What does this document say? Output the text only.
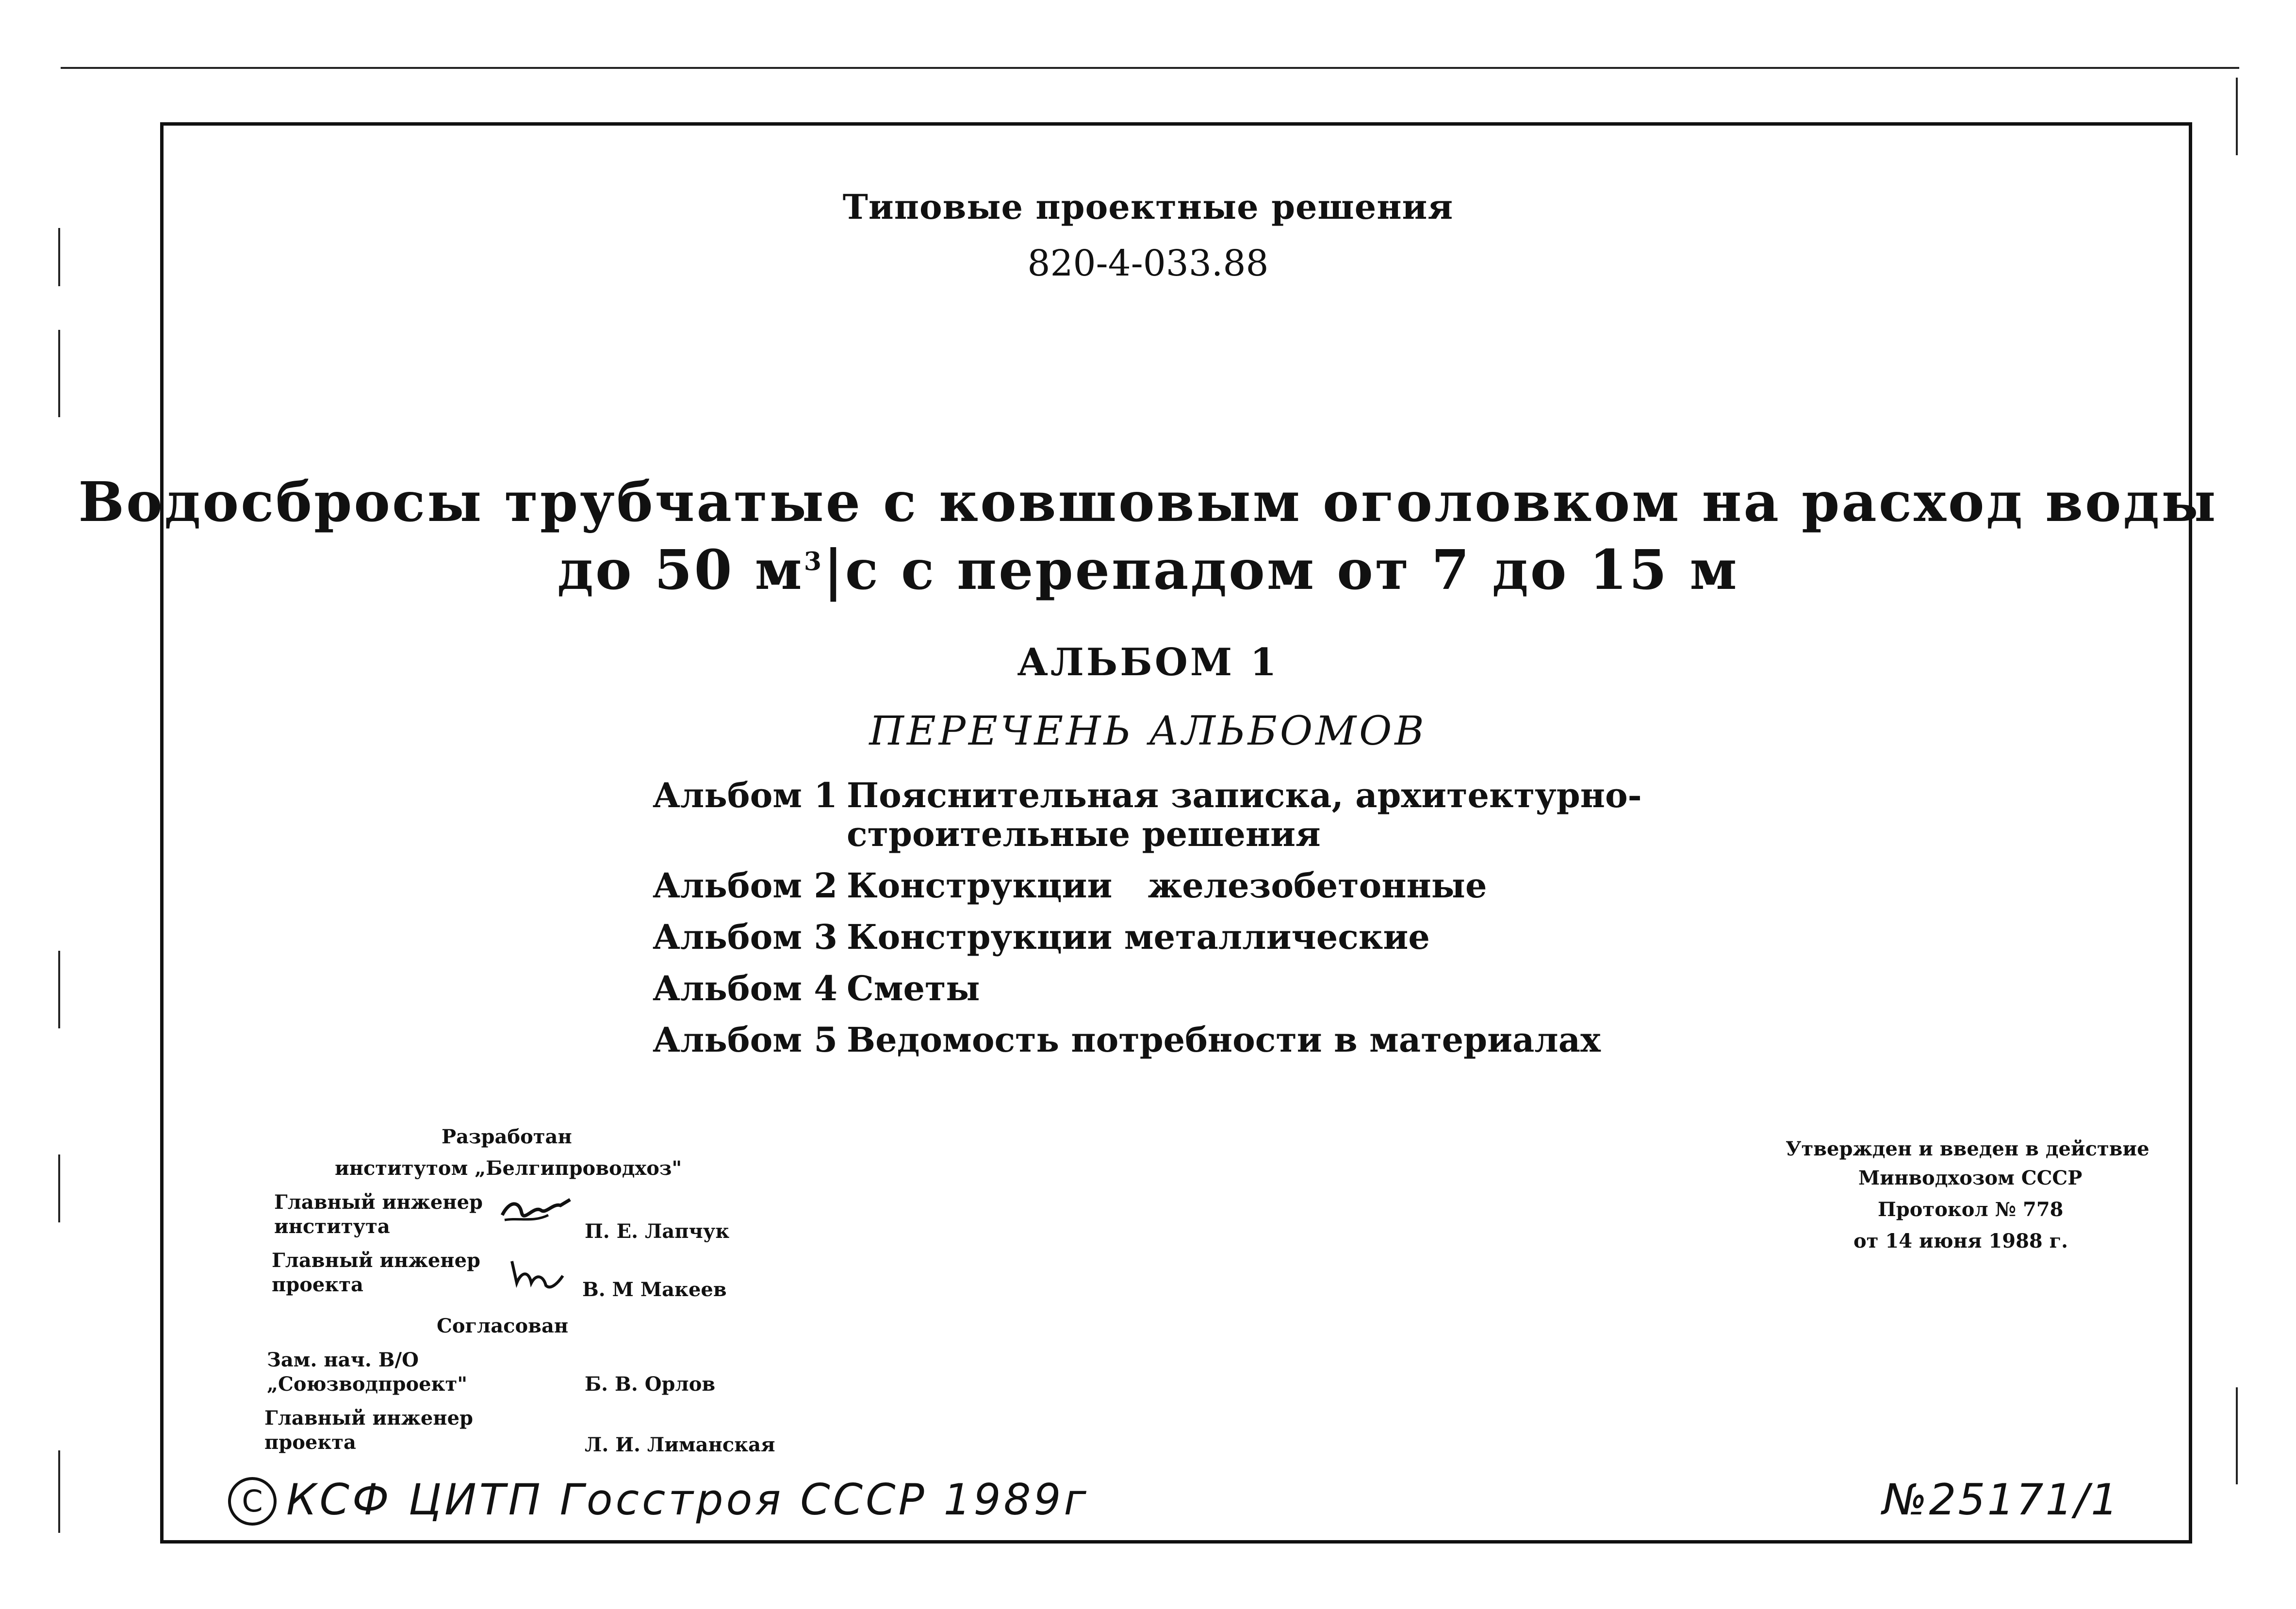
Типовые проектные решения
820-4-033.88
Водосбросы трубчатые с ковшовым оголовком на расход воды
до 50 $м^3|с$ с перепадом от 7 до 15 м
АЛЬБОМ 1
ПЕРЕЧЕНЬ АЛЬБОМОВ
Альбом 1 Пояснительная записка, архитектурно-строительные решения
Альбом 2 Конструкции   железобетонные
Альбом 3 Конструкции металлические
Альбом 4 Сметы
Альбом 5 Ведомость потребности в материалах
Разработан
институтом „Белгипроводхоз"
Главный инженер
института	П. Е. Лапчук
Главный инженер
проекта	В. М Макеев
Согласован
Зам. нач. В/О
„Союзводпроект"	Б. В. Орлов
Главный инженер
проекта	Л. И. Лиманская
Утвержден и введен в действие
Минводхозом СССР
Протокол № 778
от 14 июня 1988 г.
C КСФ ЦИТП Госстроя СССР 1989г	№25171/1
